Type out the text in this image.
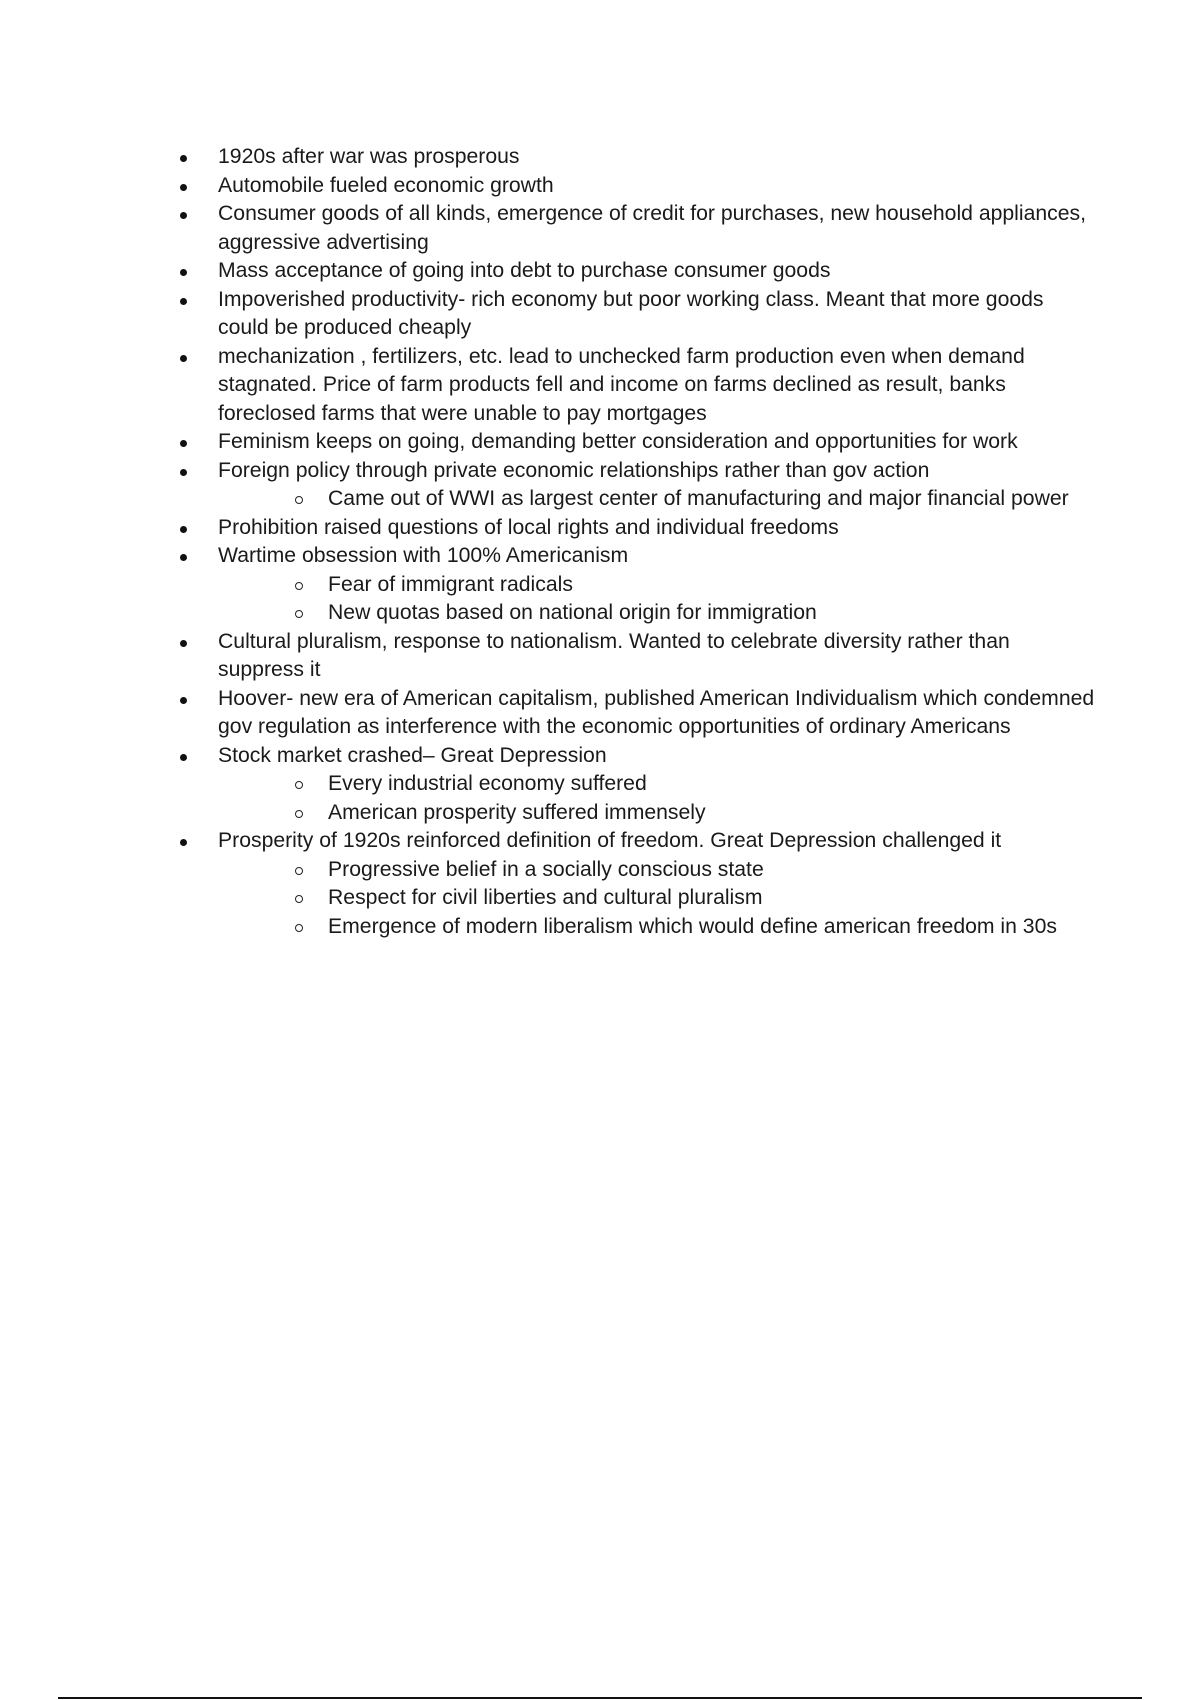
1920s after war was prosperous
Automobile fueled economic growth
Consumer goods of all kinds, emergence of credit for purchases, new household appliances, aggressive advertising
Mass acceptance of going into debt to purchase consumer goods
Impoverished productivity- rich economy but poor working class. Meant that more goods could be produced cheaply
mechanization , fertilizers, etc. lead to unchecked farm production even when demand stagnated. Price of farm products fell and income on farms declined as result, banks foreclosed farms that were unable to pay mortgages
Feminism keeps on going, demanding better consideration and opportunities for work
Foreign policy through private economic relationships rather than gov action
Came out of WWI as largest center of manufacturing and major financial power
Prohibition raised questions of local rights and individual freedoms
Wartime obsession with 100% Americanism
Fear of immigrant radicals
New quotas based on national origin for immigration
Cultural pluralism, response to nationalism. Wanted to celebrate diversity rather than suppress it
Hoover- new era of American capitalism, published American Individualism which condemned gov regulation as interference with the economic opportunities of ordinary Americans
Stock market crashed– Great Depression
Every industrial economy suffered
American prosperity suffered immensely
Prosperity of 1920s reinforced definition of freedom. Great Depression challenged it
Progressive belief in a socially conscious state
Respect for civil liberties and cultural pluralism
Emergence of modern liberalism which would define american freedom in 30s
